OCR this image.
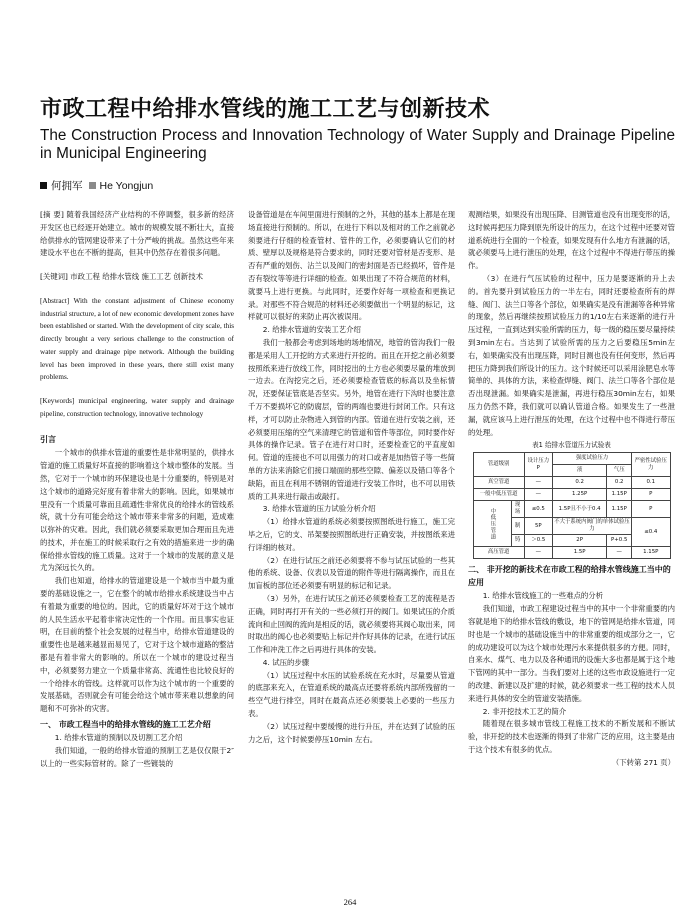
市政工程中给排水管线的施工工艺与创新技术
The Construction Process and Innovation Technology of Water Supply and Drainage Pipeline in Municipal Engineering
何拥军 He Yongjun

[摘 要] 随着我国经济产业结构的不停调整，很多新的经济开发区也已经逐开始建立。城市的规模发展不断壮大，直接给供排水的管网建设带来了十分严峻的挑战。虽然这些年来建设水平也在不断的提高，但其中仍然存在着很多问题。

[关键词] 市政工程 给排水管线 施工工艺 创新技术

[Abstract] With the constant adjustment of Chinese economy industrial structure, a lot of new economic development zones have been established or started. With the development of city scale, this directly brought a very serious challenge to the construction of water supply and drainage pipe network. Although the building level has been improved in these years, there still exist many problems.

[Keywords] municipal engineering, water supply and drainage pipeline, construction technology, innovative technology

引言

一个城市的供排水管道的重要性是非常明显的，供排水管道的施工质量好坏直接的影响着这个城市整体的发展。当然，它对于一个城市的环保建设也是十分重要的，特别是对这个城市的道路完好度有着非常大的影响。因此，如果城市里没有一个质量可靠而且疏通性非常优良的给排水的管线系统，就十分有可能会给这个城市带来非常多的问题，造成难以弥补的灾难。因此，我们就必须要采取更加合理而且先进的技术，并在施工的时候采取行之有效的措施来进一步的确保给排水管线的施工质量。这对于一个城市的发展的意义是尤为深远长久的。

我们也知道，给排水的管道建设是一个城市当中最为重要的基础设施之一，它在整个的城市给排水系统建设当中占有着最为重要的地位的。因此，它的质量好坏对于这个城市的人民生活水平起着非常决定性的一个作用。而且事实也证明，在目前的整个社会发展的过程当中，给排水管道建设的重要性也是越来越显而易见了，它对于这个城市道路的整洁都是有着非常大的影响的。所以在一个城市的建设过程当中，必须要努力建立一个质量非常高、流通性也比较良好的一个给排水的管线。这样就可以作为这个城市的一个重要的发展基础，否则就会有可能会给这个城市带来难以想象的问题和不可弥补的灾害。

一、 市政工程当中的给排水管线的施工工艺介绍

1. 给排水管道的预制以及切割工艺介绍

我们知道，一般的给排水管道的预制工艺是仅仅限于2″ 以上的一些实际管材的。除了一些镀装的

设备管道是在车间里面进行预制的之外，其他的基本上都是在现场直接进行预制的。所以，在进行下料以及相对的工作之前就必须要进行仔细的检查管材、管件的工作，必须要确认它们的材质、壁厚以及规格是符合要求的，同时还要对管材是否变形、是否有严重的划伤、沾兰以及阀门的密封面是否已经损坏，管件是否有裂纹等等进行详细的检查。如果出现了不符合规范的材料，就要马上进行更换。与此同时，还要作好每一项检查和更换记录。对那些不符合规范的材料还必须要做出一个明显的标记，这样就可以很好的来防止再次被误用。

2. 给排水管道的安装工艺介绍

我们一般都会考虑到场地的场地情况，地管的管沟我们一般都是采用人工开挖的方式来进行开挖的。而且在开挖之前必须要按照纸来进行放线工作，同时挖出的土方也必须要尽量的堆放到一边去。在沟挖完之后，还必须要检查管底的标高以及坐标情况，还要保证管底是否坚实。另外，地管在进行下沟时也要注意千万不要损坏它的防腐层，管的两端也要进行封闭工作。只有这样，才可以防止杂物进入到管的内部。管道在进行安装之前，还必须要用压缩的空气来清理它的管道和管件等部位，同时要作好具体的操作记录。管子在进行对口时，还要检查它的平直度如何。管道的连接也不可以用强力的对口或者是加热管子等一些简单的方法来消除它们接口端面的那些空隙、偏差以及错口等各个缺陷，而且在利用不锈钢的管道进行安装工作时，也不可以用铁质的工具来进行敲击或敲打。

3. 给排水管道的压力试验分析介绍

（1）给排水管道的系统必须要按照图纸进行施工，施工完毕之后，它的支、吊架要按照图纸进行正确安装，并按图纸来进行详细的核对。

（2）在进行试压之前还必须要将不参与试压试验的一些其他的系统、设备、仪表以及管道的附件等进行隔离操作，而且在加盲板的部位还必须要有明显的标记和记录。

（3）另外，在进行试压之前还必须要检查工艺的流程是否正确，同时再打开有关的一些必须打开的阀门。如果试压的介质流向和止回阀的流向是相反的话，就必须要将其阀心取出来，同时取出的阀心也必须要贴上标记并作好具体的记录，在进行试压工作和冲洗工作之后再进行具体的安装。

4. 试压的步骤

（1）试压过程中水压的试验系统在充水时，尽量要从管道的底部来充入，在管道系统的最高点还要将系统内部所残留的一些空气进行排空，同时在最高点还必须要装上必要的一些压力表。

（2）试压过程中要缓慢的进行升压，并在达到了试验的压力之后，这个时候要停压10min 左右。

观测结果，如果没有出现压降、目测管道也没有出现变形的话，这时候再把压力降到原先所设计的压力，在这个过程中还要对管道系统进行全面的一个检查，如果发现有什么地方有泄漏的话，就必须要马上进行泄压的处理，在这个过程中不得进行带压的操作。

（3）在进行气压试验的过程中，压力是要逐渐的升上去的。首先要升到试验压力的一半左右，同时还要检查所有的焊缝、阀门、法兰口等各个部位，如果确实是没有泄漏等各种异常的现象，然后再继续按照试验压力的1/10左右来逐渐的进行升压过程，一直到达到实验所需的压力，每一级的稳压要尽量持续到3min左右。当达到了试验所需的压力之后要稳压5min左右，如果确实没有出现压降，同时目测也没有任何变形，然后再把压力降到我们所设计的压力。这个时候还可以采用涂肥皂水等简单的、具体的方法，来检查焊缝、阀门、法兰口等各个部位是否出现泄漏。如果确实是泄漏，再进行稳压30min左右，如果压力仍然不降，我们就可以确认管道合格。如果发生了一些泄漏，就应该马上进行泄压的处理，在这个过程中也不得进行带压的处理。

表1 给排水管道压力试验表
管道级别		设计压力 P	强度试验压力		严密性试验压力
			液	气压	
真空管道		—	0.2	0.2	0.1
一般中低压管道		—	1.25P	1.15P	P
中低压管道	现场	≤0.5	1.5P且不小于0.4	1.15P	P
	制	5P	不大于系统内阀门的单体试验压力		≤0.4
	铸	＞0.5	2P	P+0.5	
高压管道		—	1.5P	—	1.15P
二、 非开挖的新技术在市政工程的给排水管线施工当中的应用

1. 给排水管线施工的一些难点的分析

我们知道，市政工程建设过程当中的其中一个非常重要的内容就是地下的给排水管线的敷设，地下的管网是给排水管道，同时也是一个城市的基础设施当中的非常重要的组成部分之一，它的成功建设可以为这个城市处理污水来提供很多的方便。同时，自来水、煤气、电力以及各种通讯的设施大多也都是属于这个地下管网的其中一部分。当我们要对上述的这些市政设施进行一定的改建、新建以及扩建的时候，就必须要求一些工程的技术人员来进行具体的安全的管道安装措施。

2. 非开挖技术工艺的简介

随着现在很多城市管线工程施工技术的不断发展和不断试验，非开挖的技术也逐渐的得到了非常广泛的应用，这主要是由于这个技术有很多的优点。

（下转第 271 页）
264
